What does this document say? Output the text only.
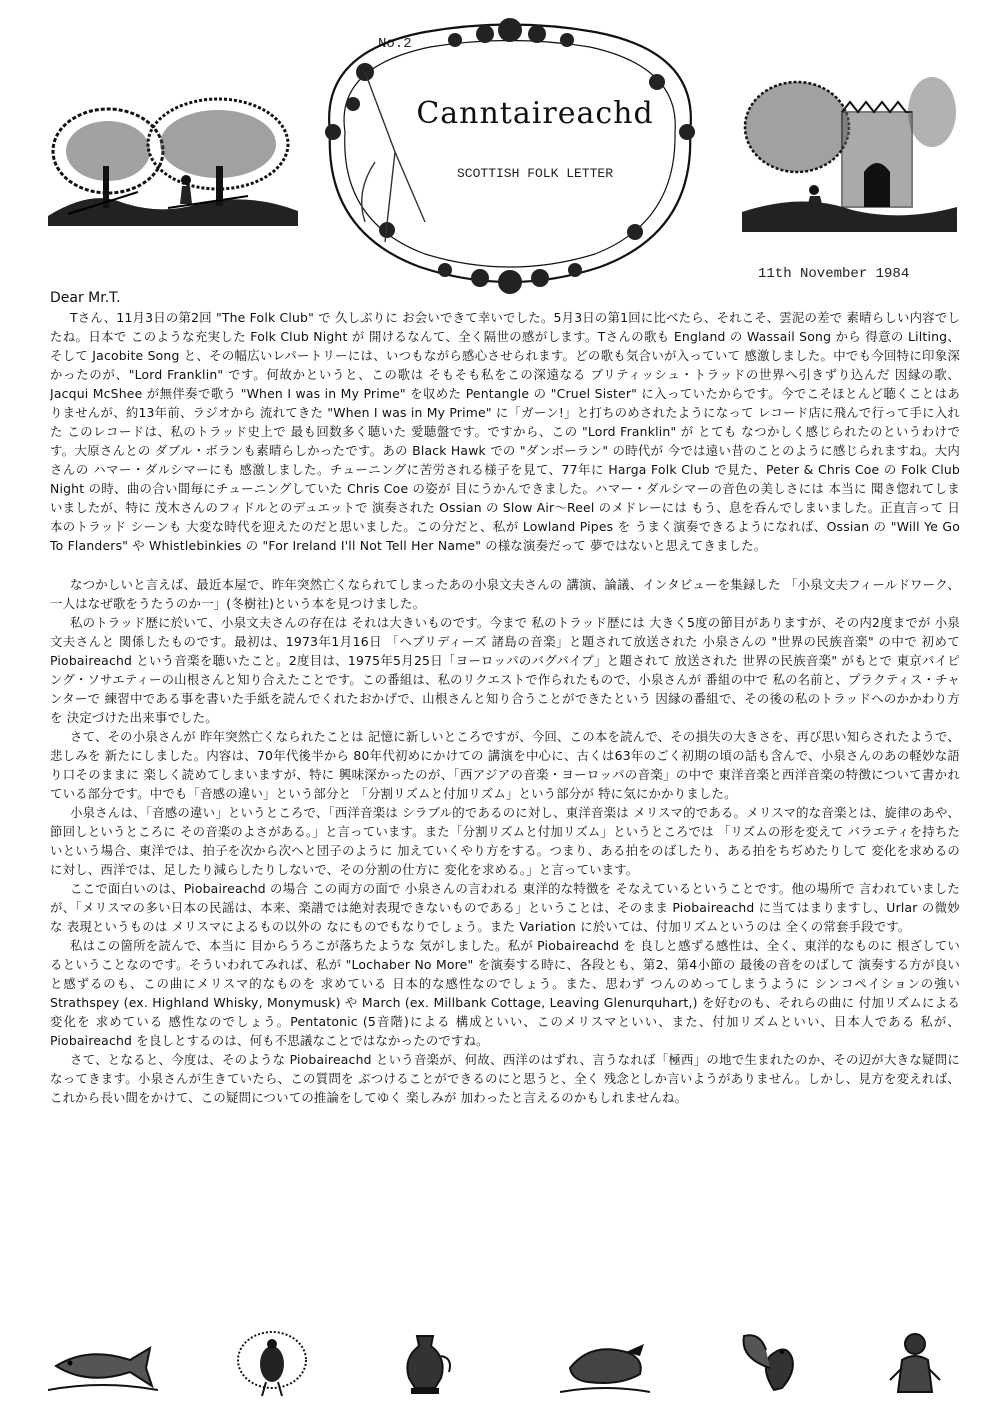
No.2
Canntaireachd
SCOTTISH FOLK LETTER
11th November 1984

Dear Mr.T.

Tさん、11月3日の第2回 "The Folk Club" で 久しぶりに お会いできて幸いでした。5月3日の第1回に比べたら、それこそ、雲泥の差で 素晴らしい内容でしたね。日本で このような充実した Folk Club Night が 開けるなんて、全く隔世の感がします。Tさんの歌も England の Wassail Song から 得意の Lilting、そして Jacobite Song と、その幅広いレパートリーには、いつもながら感心させられます。どの歌も気合いが入っていて 感激しました。中でも今回特に印象深かったのが、"Lord Franklin" です。何故かというと、この歌は そもそも私をこの深遠なる ブリティッシュ・トラッドの世界へ引きずり込んだ 因縁の歌、Jacqui McShee が無伴奏で歌う "When I was in My Prime" を収めた Pentangle の "Cruel Sister" に入っていたからです。今でこそほとんど聴くことはありませんが、約13年前、ラジオから 流れてきた "When I was in My Prime" に「ガーン!」と打ちのめされたようになって レコード店に飛んで行って手に入れた このレコードは、私のトラッド史上で 最も回数多く聴いた 愛聴盤です。ですから、この "Lord Franklin" が とても なつかしく感じられたのというわけです。大原さんとの ダブル・ボランも素晴らしかったです。あの Black Hawk での "ダンボーラン" の時代が 今では遠い昔のことのように感じられますね。大内さんの ハマー・ダルシマーにも 感激しました。チューニングに苦労される様子を見て、77年に Harga Folk Club で見た、Peter & Chris Coe の Folk Club Night の時、曲の合い間毎にチューニングしていた Chris Coe の姿が 目にうかんできました。ハマー・ダルシマーの音色の美しさには 本当に 聞き惚れてしまいましたが、特に 茂木さんのフィドルとのデュエットで 演奏された Ossian の Slow Air〜Reel のメドレーには もう、息を呑んでしまいました。正直言って 日本のトラッド シーンも 大変な時代を迎えたのだと思いました。この分だと、私が Lowland Pipes を うまく演奏できるようになれば、Ossian の "Will Ye Go To Flanders" や Whistlebinkies の "For Ireland I'll Not Tell Her Name" の様な演奏だって 夢ではないと思えてきました。

なつかしいと言えば、最近本屋で、昨年突然亡くなられてしまったあの小泉文夫さんの 講演、論議、インタビューを集録した 「小泉文夫フィールドワーク、一人はなぜ歌をうたうのか一」(冬樹社)という本を見つけました。

私のトラッド歴に於いて、小泉文夫さんの存在は それは大きいものです。今まで 私のトラッド歴には 大きく5度の節目がありますが、その内2度までが 小泉文夫さんと 関係したものです。最初は、1973年1月16日 「ヘブリディーズ 諸島の音楽」と題されて放送された 小泉さんの "世界の民族音楽" の中で 初めて Piobaireachd という音楽を聴いたこと。2度目は、1975年5月25日「ヨーロッパのバグパイプ」と題されて 放送された 世界の民族音楽" がもとで 東京パイピング・ソサエティーの山根さんと知り合えたことです。この番組は、私のリクエストで作られたもので、小泉さんが 番組の中で 私の名前と、プラクティス・チャンターで 練習中である事を書いた手紙を読んでくれたおかげで、山根さんと知り合うことができたという 因縁の番組で、その後の私のトラッドへのかかわり方を 決定づけた出来事でした。

さて、その小泉さんが 昨年突然亡くなられたことは 記憶に新しいところですが、今回、この本を読んで、その損失の大きさを、再び思い知らされたようで、悲しみを 新たにしました。内容は、70年代後半から 80年代初めにかけての 講演を中心に、古くは63年のごく初期の頃の話も含んで、小泉さんのあの軽妙な語り口そのままに 楽しく読めてしまいますが、特に 興味深かったのが、「西アジアの音楽・ヨーロッパの音楽」の中で 東洋音楽と西洋音楽の特徴について書かれている部分です。中でも「音感の違い」という部分と 「分割リズムと付加リズム」という部分が 特に気にかかりました。

小泉さんは、「音感の違い」というところで、「西洋音楽は シラブル的であるのに対し、東洋音楽は メリスマ的である。メリスマ的な音楽とは、旋律のあや、節回しというところに その音楽のよさがある。」と言っています。また「分割リズムと付加リズム」というところでは 「リズムの形を変えて バラエティを持ちたいという場合、東洋では、拍子を次から次へと団子のように 加えていくやり方をする。つまり、ある拍をのばしたり、ある拍をちぢめたりして 変化を求めるのに対し、西洋では、足したり減らしたりしないで、その分割の仕方に 変化を求める。」と言っています。

ここで面白いのは、Piobaireachd の場合 この両方の面で 小泉さんの言われる 東洋的な特徴を そなえているということです。他の場所で 言われていましたが、「メリスマの多い日本の民謡は、本来、楽譜では絶対表現できないものである」ということは、そのまま Piobaireachd に当てはまりますし、Urlar の微妙な 表現というものは メリスマによるもの以外の なにものでもなりでしょう。また Variation に於いては、付加リズムというのは 全くの常套手段です。

私はこの箇所を読んで、本当に 目からうろこが落ちたような 気がしました。私が Piobaireachd を 良しと感ずる感性は、全く、東洋的なものに 根ざしているということなのです。そういわれてみれば、私が "Lochaber No More" を演奏する時に、各段とも、第2、第4小節の 最後の音をのばして 演奏する方が良いと感ずるのも、この曲にメリスマ的なものを 求めている 日本的な感性なのでしょう。また、思わず つんのめってしまうように シンコペイションの強い Strathspey (ex. Highland Whisky, Monymusk) や March (ex. Millbank Cottage, Leaving Glenurquhart,) を好むのも、それらの曲に 付加リズムによる 変化を 求めている 感性なのでしょう。Pentatonic (5音階)による 構成といい、このメリスマといい、また、付加リズムといい、日本人である 私が、Piobaireachd を良しとするのは、何も不思議なことではなかったのですね。

さて、となると、今度は、そのような Piobaireachd という音楽が、何故、西洋のはずれ、言うなれば「極西」の地で生まれたのか、その辺が大きな疑問になってきます。小泉さんが生きていたら、この質問を ぶつけることができるのにと思うと、全く 残念としか言いようがありません。しかし、見方を変えれば、これから長い間をかけて、この疑問についての推論をしてゆく 楽しみが 加わったと言えるのかもしれませんね。
